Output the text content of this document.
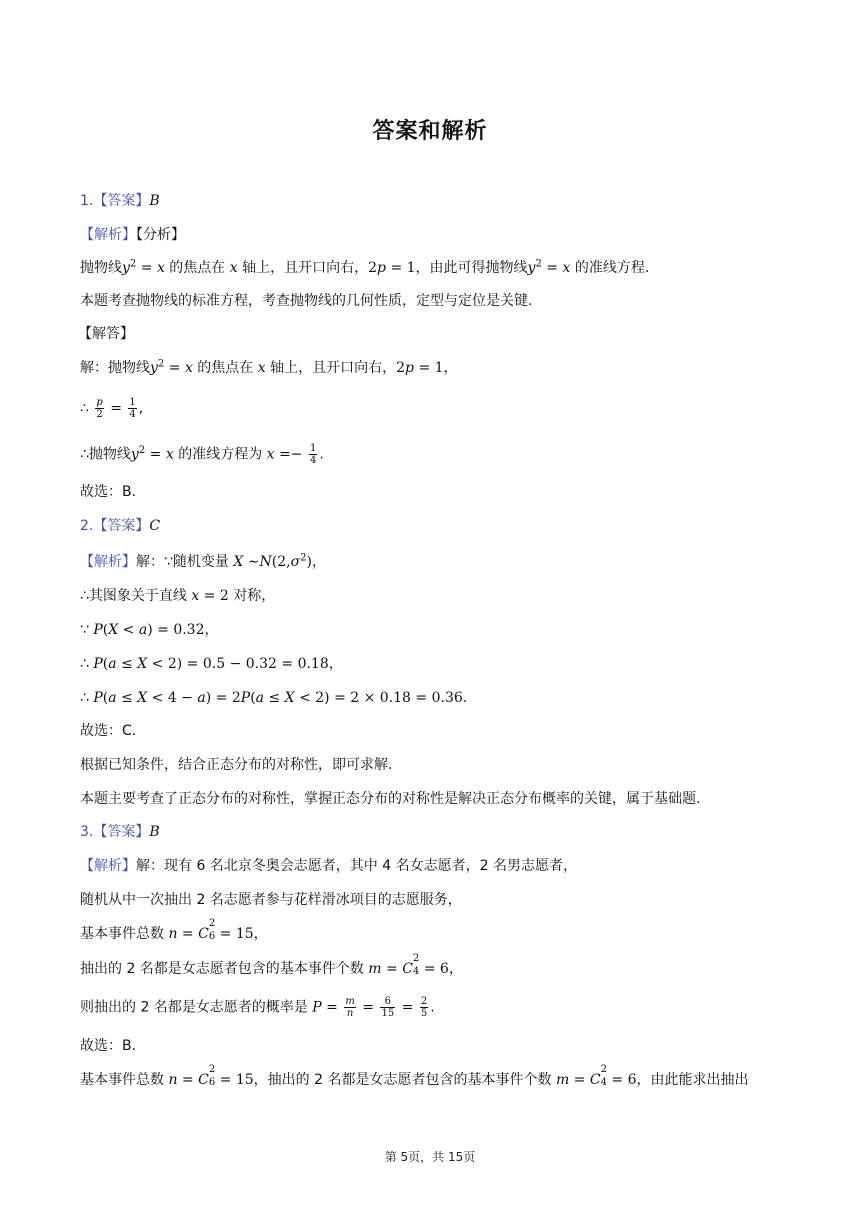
答案和解析
1.【答案】B
【解析】【分析】
抛物线$y^2 = x$ 的焦点在 x 轴上，且开口向右，2p = 1，由此可得抛物线$y^2 = x$ 的准线方程.
本题考查抛物线的标准方程，考查抛物线的几何性质，定型与定位是关键.
【解答】
解：抛物线$y^2 = x$ 的焦点在 x 轴上，且开口向右，2p = 1，
∴ $\frac{p}{2} = \frac{1}{4}$ ,
∴抛物线$y^2 = x$ 的准线方程为 $x =- \frac{1}{4}$ .
故选：B.
2.【答案】C
【解析】解：∵随机变量 X $\sim N(2,\sigma^2)$，
∴其图象关于直线 x = 2 对称，
∵ P(X < a) = 0.32，
∴ P(a ≤ X < 2) = 0.5 − 0.32 = 0.18，
∴ P(a ≤ X < 4 − a) = 2P(a ≤ X < 2) = 2 × 0.18 = 0.36.
故选：C.
根据已知条件，结合正态分布的对称性，即可求解.
本题主要考查了正态分布的对称性，掌握正态分布的对称性是解决正态分布概率的关键，属于基础题.
3.【答案】B
【解析】解：现有 6 名北京冬奥会志愿者，其中 4 名女志愿者，2 名男志愿者，
随机从中一次抽出 2 名志愿者参与花样滑冰项目的志愿服务，
基本事件总数 $n = C^2$
6 = 15，
抽出的 2 名都是女志愿者包含的基本事件个数 $m = C^2$
4 = 6，
则抽出的 2 名都是女志愿者的概率是 $P = \frac{m}{n} = \frac{6}{15} = \frac{2}{5}$ .
故选：B.
基本事件总数 $n = C^2$
6 = 15，抽出的 2 名都是女志愿者包含的基本事件个数 $m = C^2$
4 = 6，由此能求出抽出
第 5页，共 15页
